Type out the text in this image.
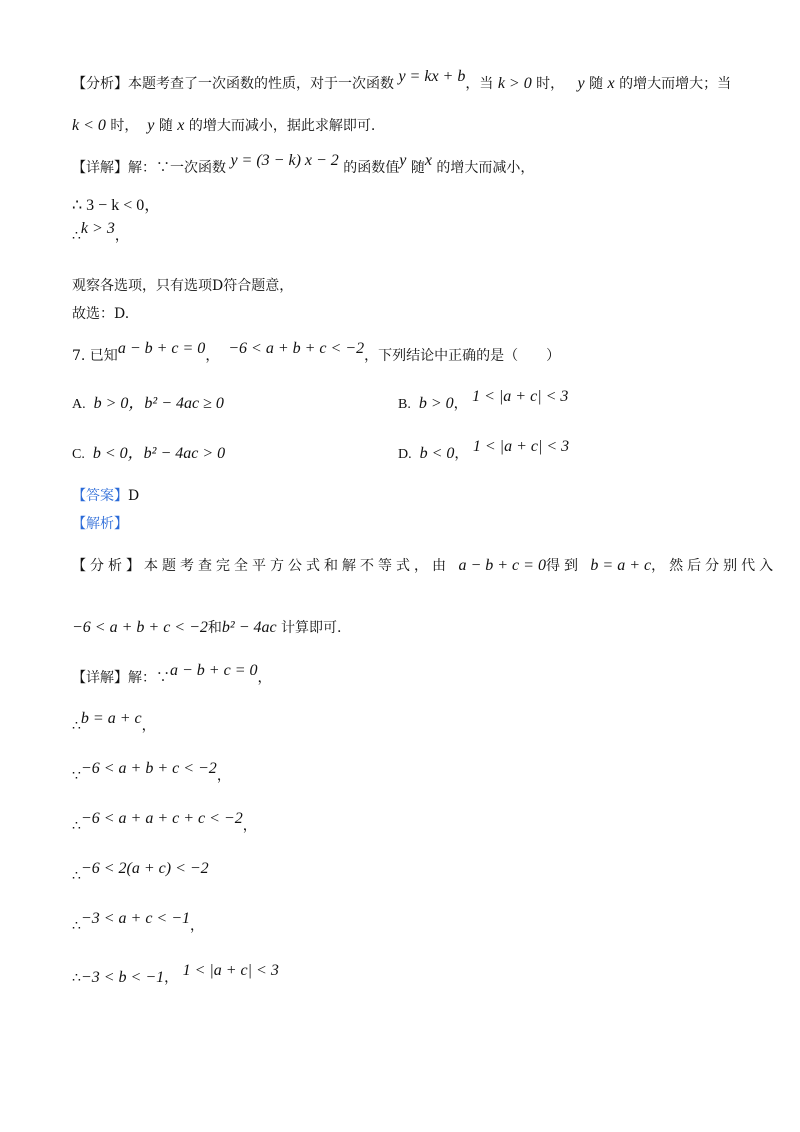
【分析】本题考查了一次函数的性质，对于一次函数 y = kx + b，当 k > 0 时， y 随 x 的增大而增大；当
k < 0 时， y 随 x 的增大而减小，据此求解即可.
【详解】解：∵一次函数 y = (3 − k) x − 2 的函数值y 随x 的增大而减小，
∴ 3 − k < 0，
∴k > 3，
观察各选项，只有选项D符合题意，
故选：D.
7. 已知a − b + c = 0， −6 < a + b + c < −2，下列结论中正确的是（　　）
A. b > 0，b² − 4ac ≥ 0	B. b > 0， 1 < |a + c| < 3
C. b < 0，b² − 4ac > 0	D. b < 0， 1 < |a + c| < 3
【答案】D
【解析】
【分析】本题考查完全平方公式和解不等式，由 a − b + c = 0得到 b = a + c，然后分别代入
−6 < a + b + c < −2和b² − 4ac 计算即可.
【详解】解：∵a − b + c = 0，
∴b = a + c，
∵−6 < a + b + c < −2，
∴−6 < a + a + c + c < −2，
∴−6 < 2(a + c) < −2
∴−3 < a + c < −1，
∴−3 < b < −1， 1 < |a + c| < 3
